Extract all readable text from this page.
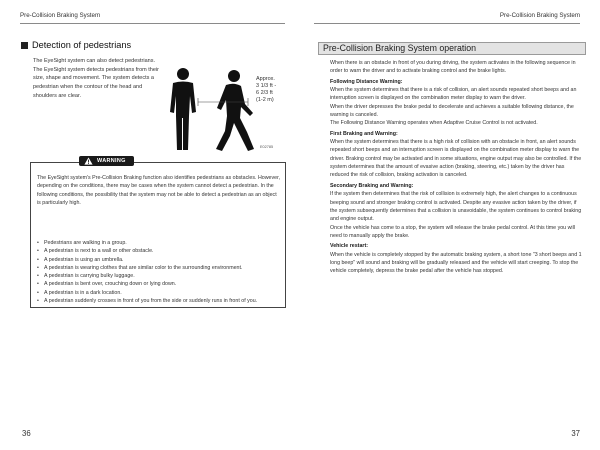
Pre-Collision Braking System
Detection of pedestrians

The EyeSight system can also detect pedestrians. The EyeSight system detects pedestrians from their size, shape and movement. The system detects a pedestrian when the contour of the head and shoulders are clear.

Approx.
3 1/3 ft -
6 2/3 ft
(1-2 m)
E02785
WARNING

The EyeSight system's Pre-Collision Braking function also identifies pedestrians as obstacles. However, depending on the conditions, there may be cases when the system cannot detect a pedestrian. In the following conditions, the possibility that the system may not be able to detect a pedestrian as an object is particularly high.

• Pedestrians are walking in a group.
• A pedestrian is next to a wall or other obstacle.
• A pedestrian is using an umbrella.
• A pedestrian is wearing clothes that are similar color to the surrounding environment.
• A pedestrian is carrying bulky luggage.
• A pedestrian is bent over, crouching down or lying down.
• A pedestrian is in a dark location.
• A pedestrian suddenly crosses in front of you from the side or suddenly runs in front of you.
36
Pre-Collision Braking System
Pre-Collision Braking System operation

When there is an obstacle in front of you during driving, the system activates in the following sequence in order to warn the driver and to activate braking control and the brake lights.

Following Distance Warning:

When the system determines that there is a risk of collision, an alert sounds repeated short beeps and an interruption screen is displayed on the combination meter display to warn the driver.

When the driver depresses the brake pedal to decelerate and achieves a suitable following distance, the warning is canceled.

The Following Distance Warning operates when Adaptive Cruise Control is not activated.

First Braking and Warning:

When the system determines that there is a high risk of collision with an obstacle in front, an alert sounds repeated short beeps and an interruption screen is displayed on the combination meter display to warn the driver. Braking control may be activated and in some situations, engine output may also be controlled. If the system determines that the amount of evasive action (braking, steering, etc.) taken by the driver has reduced the risk of collision, braking activation is canceled.

Secondary Braking and Warning:

If the system then determines that the risk of collision is extremely high, the alert changes to a continuous beeping sound and stronger braking control is activated. Despite any evasive action taken by the driver, if the system subsequently determines that a collision is unavoidable, the system continues to control braking and engine output.

Once the vehicle has come to a stop, the system will release the brake pedal control. At this time you will need to manually apply the brake.

Vehicle restart:

When the vehicle is completely stopped by the automatic braking system, a short tone "3 short beeps and 1 long beep" will sound and braking will be gradually released and the vehicle will start creeping. To stop the vehicle completely, depress the brake pedal after the vehicle has stopped.

37
